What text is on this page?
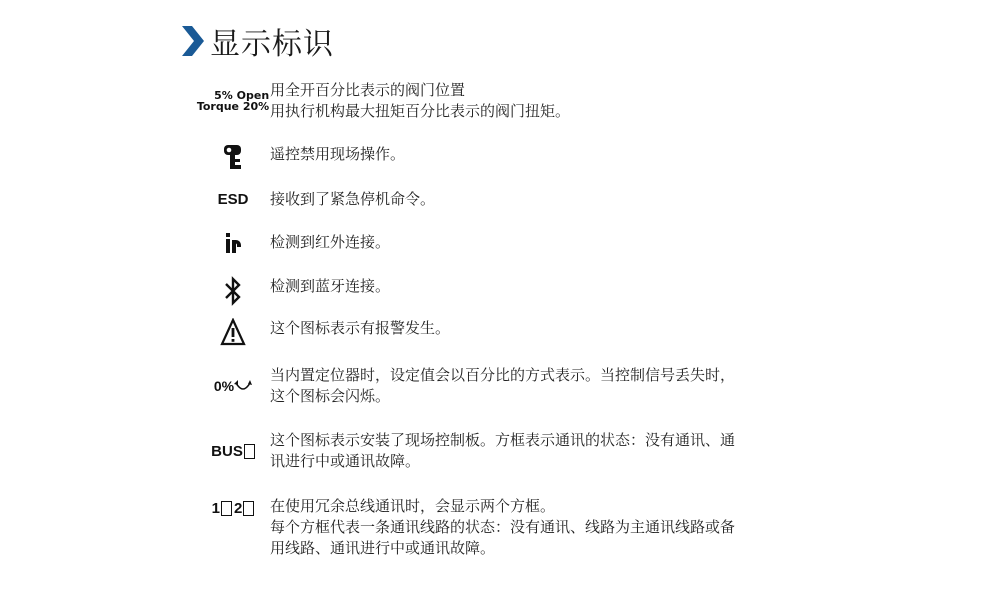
显示标识
5% Open
Torque 20%
用全开百分比表示的阀门位置
用执行机构最大扭矩百分比表示的阀门扭矩。
遥控禁用现场操作。
ESD 接收到了紧急停机命令。
检测到红外连接。
检测到蓝牙连接。
这个图标表示有报警发生。
0%
当内置定位器时，设定值会以百分比的方式表示。当控制信号丢失时，
这个图标会闪烁。
BUS
这个图标表示安装了现场控制板。方框表示通讯的状态：没有通讯、通
讯进行中或通讯故障。
1 2 在使用冗余总线通讯时，会显示两个方框。
每个方框代表一条通讯线路的状态：没有通讯、线路为主通讯线路或备
用线路、通讯进行中或通讯故障。
